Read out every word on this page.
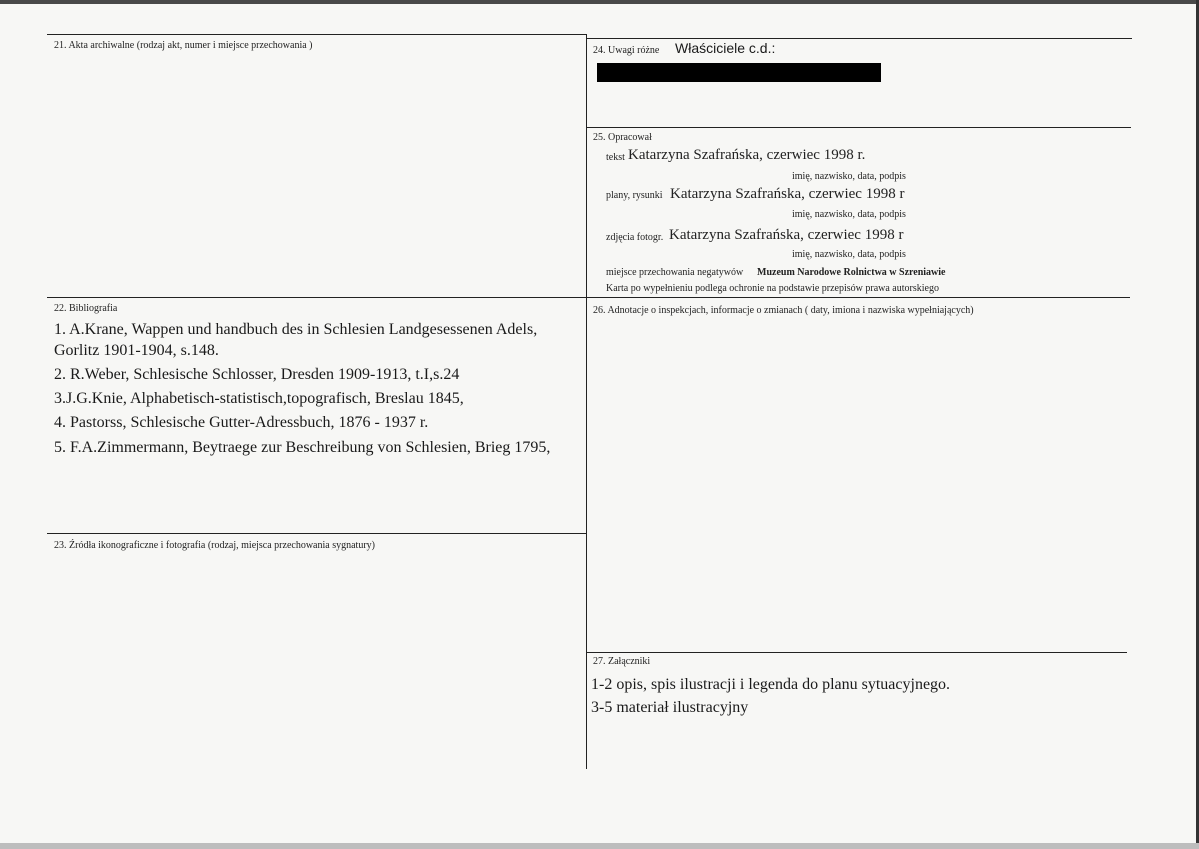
21. Akta archiwalne (rodzaj akt, numer i miejsce przechowania )
22. Bibliografia
1. A.Krane, Wappen und handbuch des in Schlesien Landgesessenen Adels,
Gorlitz 1901-1904, s.148.
2. R.Weber, Schlesische Schlosser, Dresden 1909-1913, t.I,s.24
3.J.G.Knie, Alphabetisch-statistisch,topografisch, Breslau 1845,
4. Pastorss, Schlesische Gutter-Adressbuch, 1876 - 1937 r.
5. F.A.Zimmermann, Beytraege zur Beschreibung von Schlesien, Brieg 1795,
23. Źródła ikonograficzne i fotografia (rodzaj, miejsca przechowania sygnatury)
24. Uwagi różne Właściciele c.d.:
25. Opracował
tekst Katarzyna Szafrańska, czerwiec 1998 r.
imię, nazwisko, data, podpis
plany, rysunki Katarzyna Szafrańska, czerwiec 1998 r
imię, nazwisko, data, podpis
zdjęcia fotogr. Katarzyna Szafrańska, czerwiec 1998 r
imię, nazwisko, data, podpis
miejsce przechowania negatywów Muzeum Narodowe Rolnictwa w Szreniawie
Karta po wypełnieniu podlega ochronie na podstawie przepisów prawa autorskiego
26. Adnotacje o inspekcjach, informacje o zmianach ( daty, imiona i nazwiska wypełniających)
27. Załączniki
1-2 opis, spis ilustracji i legenda do planu sytuacyjnego.
3-5 materiał ilustracyjny
